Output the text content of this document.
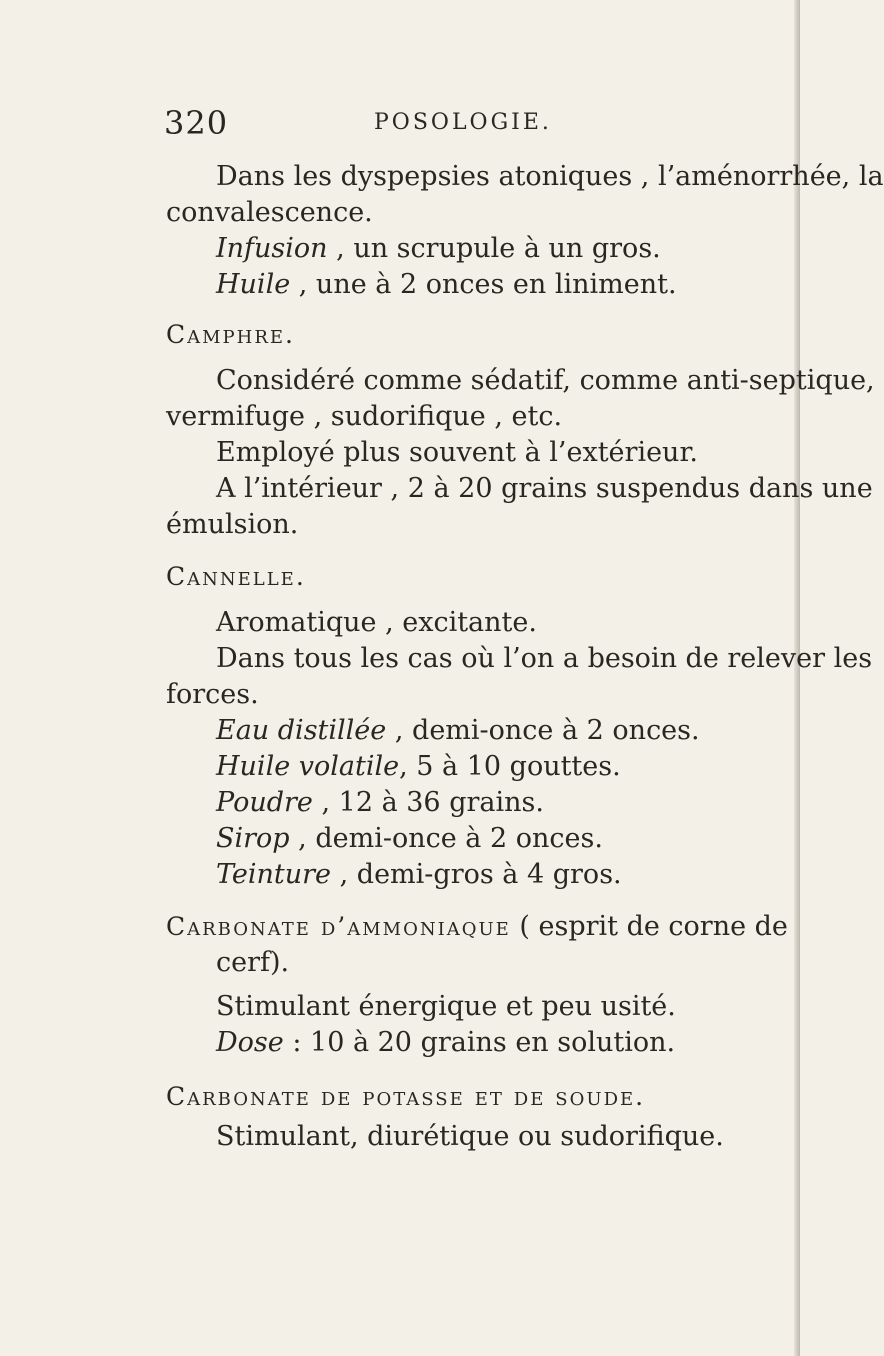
320	POSOLOGIE.
Dans les dyspepsies atoniques , l’aménorrhée, la
convalescence.
Infusion , un scrupule à un gros.
Huile , une à 2 onces en liniment.
Camphre.
Considéré comme sédatif, comme anti-septique,
vermifuge , sudorifique , etc.
Employé plus souvent à l’extérieur.
A l’intérieur , 2 à 20 grains suspendus dans une
émulsion.
Cannelle.
Aromatique , excitante.
Dans tous les cas où l’on a besoin de relever les
forces.
Eau distillée , demi-once à 2 onces.
Huile volatile, 5 à 10 gouttes.
Poudre , 12 à 36 grains.
Sirop , demi-once à 2 onces.
Teinture , demi-gros à 4 gros.
Carbonate d’ammoniaque ( esprit de corne de
cerf).
Stimulant énergique et peu usité.
Dose : 10 à 20 grains en solution.
Carbonate de potasse et de soude.
Stimulant, diurétique ou sudorifique.
